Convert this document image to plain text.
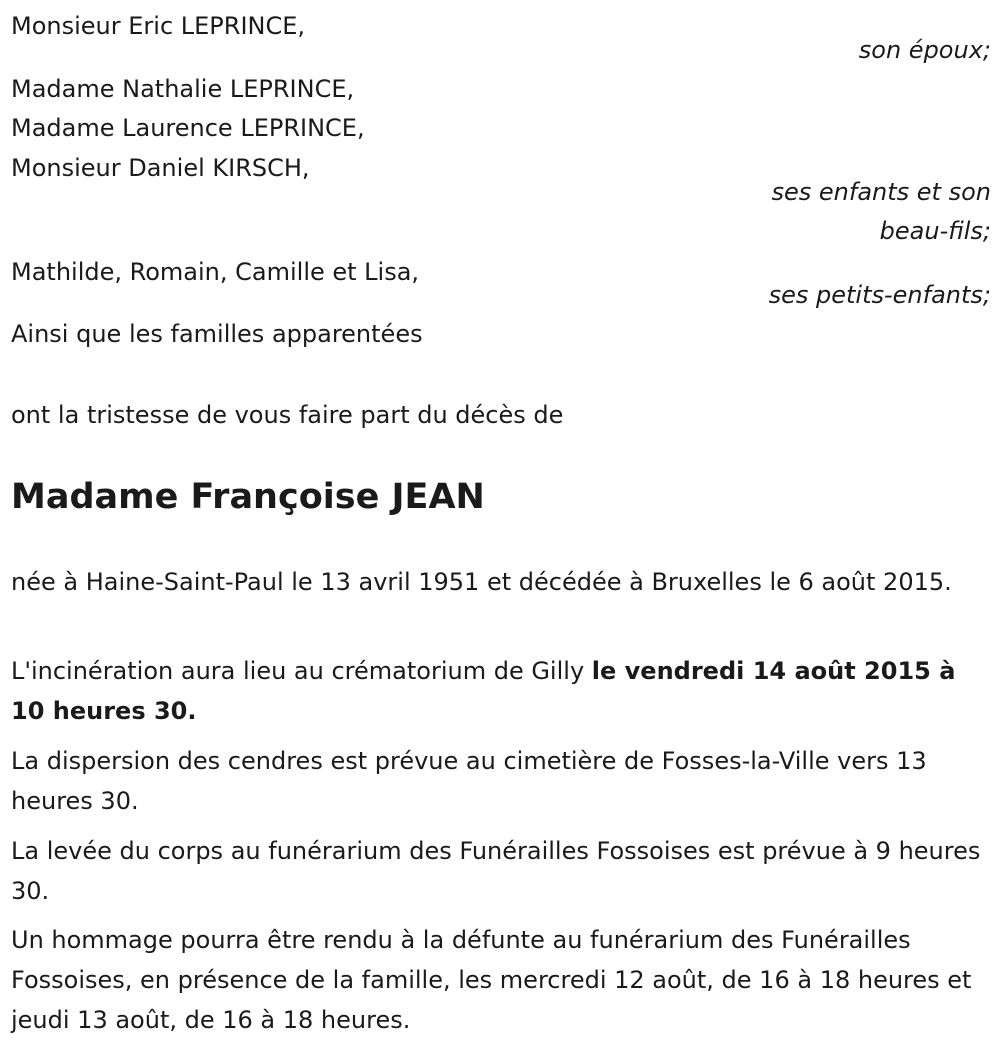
Monsieur Eric LEPRINCE,
son époux;
Madame Nathalie LEPRINCE,
Madame Laurence LEPRINCE,
Monsieur Daniel KIRSCH,
ses enfants et son
beau-fils;
Mathilde, Romain, Camille et Lisa,
ses petits-enfants;
Ainsi que les familles apparentées
ont la tristesse de vous faire part du décès de
Madame Françoise JEAN
née à Haine-Saint-Paul le 13 avril 1951 et décédée à Bruxelles le 6 août 2015.
L'incinération aura lieu au crématorium de Gilly le vendredi 14 août 2015 à 10 heures 30.
La dispersion des cendres est prévue au cimetière de Fosses-la-Ville vers 13 heures 30.
La levée du corps au funérarium des Funérailles Fossoises est prévue à 9 heures 30.
Un hommage pourra être rendu à la défunte au funérarium des Funérailles Fossoises, en présence de la famille, les mercredi 12 août, de 16 à 18 heures et jeudi 13 août, de 16 à 18 heures.
